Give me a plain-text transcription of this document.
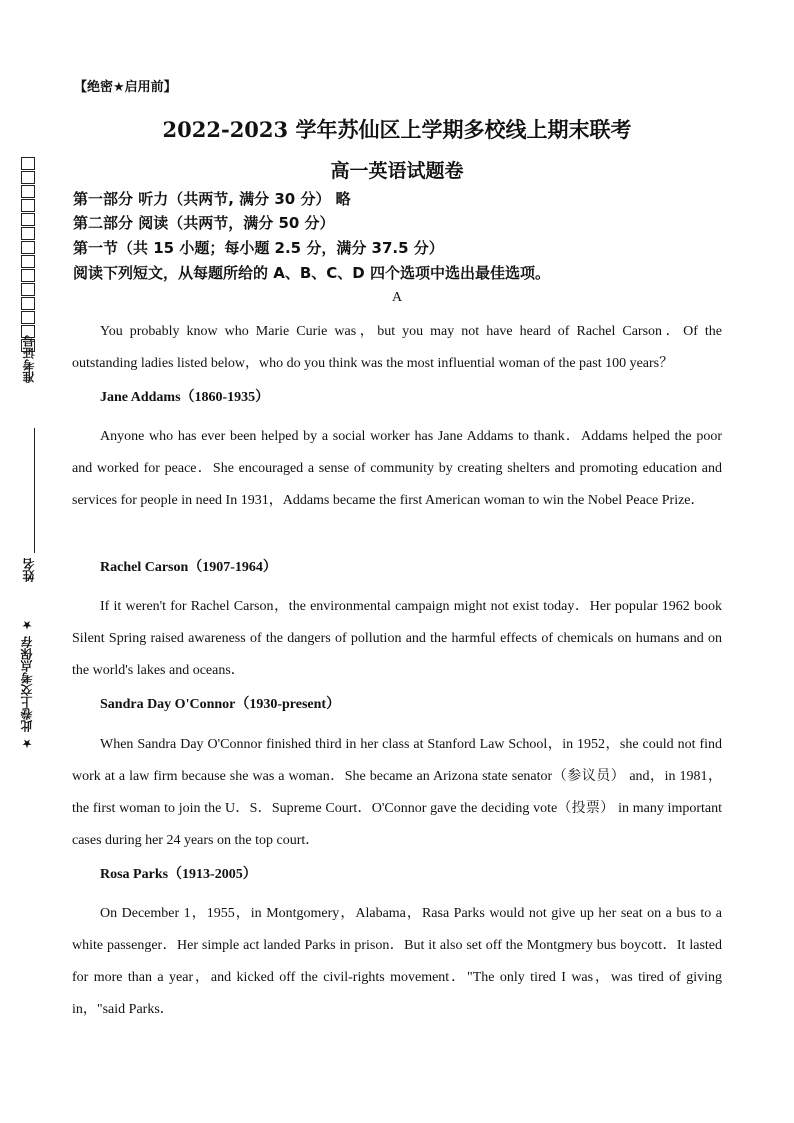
准考证号
姓名
★ 此卷上交考点保存 ★
【绝密★启用前】
2022-2023 学年苏仙区上学期多校线上期末联考
高一英语试题卷
第一部分 听力（共两节, 满分 30 分） 略
第二部分 阅读（共两节，满分 50 分）
第一节（共 15 小题；每小题 2.5 分，满分 37.5 分）
阅读下列短文，从每题所给的 A、B、C、D 四个选项中选出最佳选项。
A
You probably know who Marie Curie was，but you may not have heard of Rachel Carson．Of the outstanding ladies listed below，who do you think was the most influential woman of the past 100 years？
Jane Addams（1860-1935）
Anyone who has ever been helped by a social worker has Jane Addams to thank．Addams helped the poor and worked for peace．She encouraged a sense of community by creating shelters and promoting education and services for people in need In 1931，Addams became the first American woman to win the Nobel Peace Prize．
Rachel Carson（1907-1964）
If it weren't for Rachel Carson，the environmental campaign might not exist today．Her popular 1962 book Silent Spring raised awareness of the dangers of pollution and the harmful effects of chemicals on humans and on the world's lakes and oceans．
Sandra Day O'Connor（1930-present）
When Sandra Day O'Connor finished third in her class at Stanford Law School，in 1952，she could not find work at a law firm because she was a woman．She became an Arizona state senator（参议员） and，in 1981，the first woman to join the U．S．Supreme Court．O'Connor gave the deciding vote（投票） in many important cases during her 24 years on the top court．
Rosa Parks（1913-2005）
On December 1，1955，in Montgomery，Alabama，Rasa Parks would not give up her seat on a bus to a white passenger．Her simple act landed Parks in prison．But it also set off the Montgmery bus boycott．It lasted for more than a year，and kicked off the civil-rights movement．"The only tired I was，was tired of giving in，"said Parks．
